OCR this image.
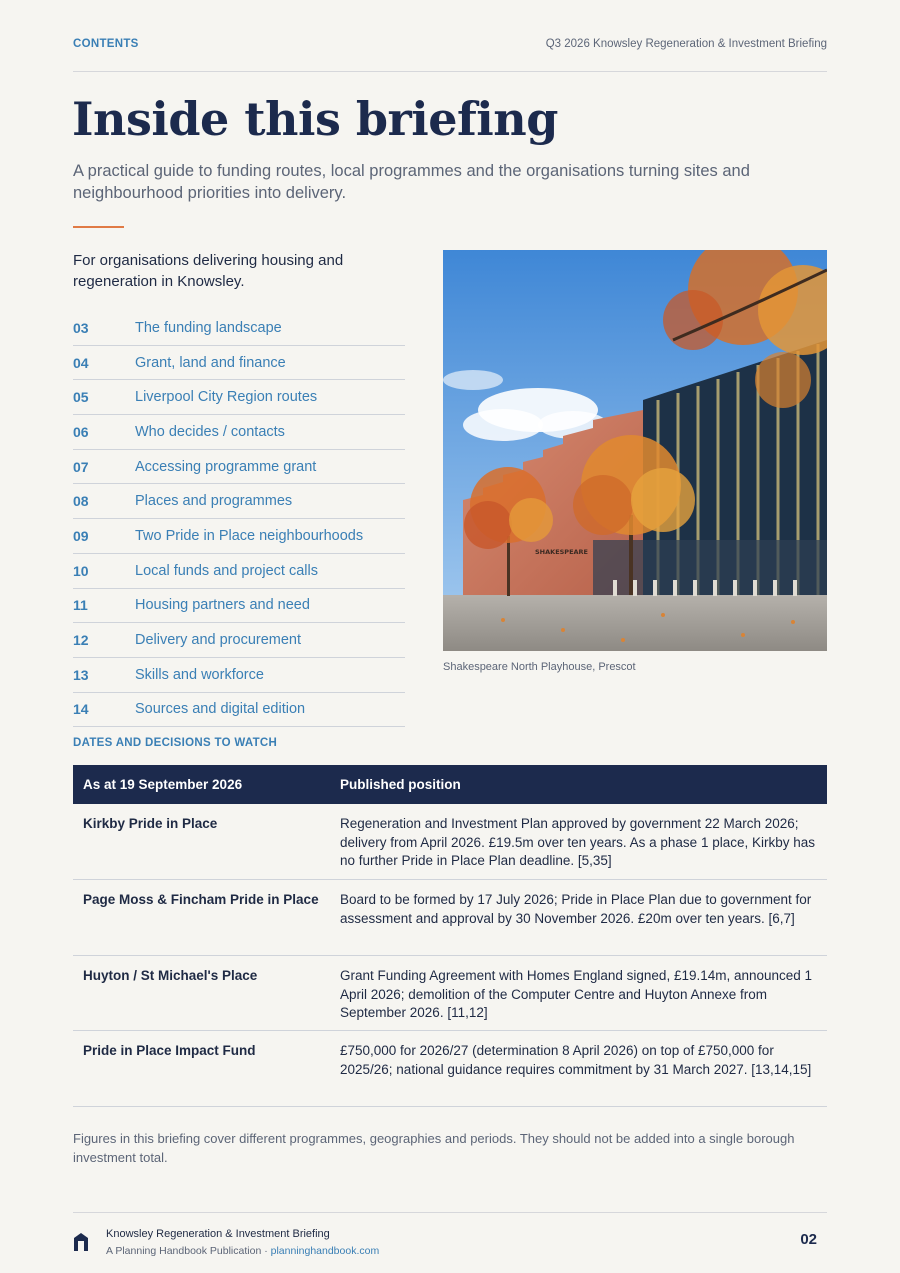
CONTENTS	Q3 2026 Knowsley Regeneration & Investment Briefing
Inside this briefing

A practical guide to funding routes, local programmes and the organisations turning sites and neighbourhood priorities into delivery.

For organisations delivering housing and regeneration in Knowsley.

03	The funding landscape
04	Grant, land and finance
05	Liverpool City Region routes
06	Who decides / contacts
07	Accessing programme grant
08	Places and programmes
09	Two Pride in Place neighbourhoods
10	Local funds and project calls
11	Housing partners and need
12	Delivery and procurement
13	Skills and workforce
14	Sources and digital edition
SHAKESPEARE
Shakespeare North Playhouse, Prescot
DATES AND DECISIONS TO WATCH
As at 19 September 2026	Published position
Kirkby Pride in Place	Regeneration and Investment Plan approved by government 22 March 2026; delivery from April 2026. £19.5m over ten years. As a phase 1 place, Kirkby has no further Pride in Place Plan deadline. [5,35]
Page Moss & Fincham Pride in Place	Board to be formed by 17 July 2026; Pride in Place Plan due to government for assessment and approval by 30 November 2026. £20m over ten years. [6,7]
Huyton / St Michael's Place	Grant Funding Agreement with Homes England signed, £19.14m, announced 1 April 2026; demolition of the Computer Centre and Huyton Annexe from September 2026. [11,12]
Pride in Place Impact Fund	£750,000 for 2026/27 (determination 8 April 2026) on top of £750,000 for 2025/26; national guidance requires commitment by 31 March 2027. [13,14,15]

Figures in this briefing cover different programmes, geographies and periods. They should not be added into a single borough investment total.

Knowsley Regeneration & Investment Briefing
A Planning Handbook Publication · planninghandbook.com
02
